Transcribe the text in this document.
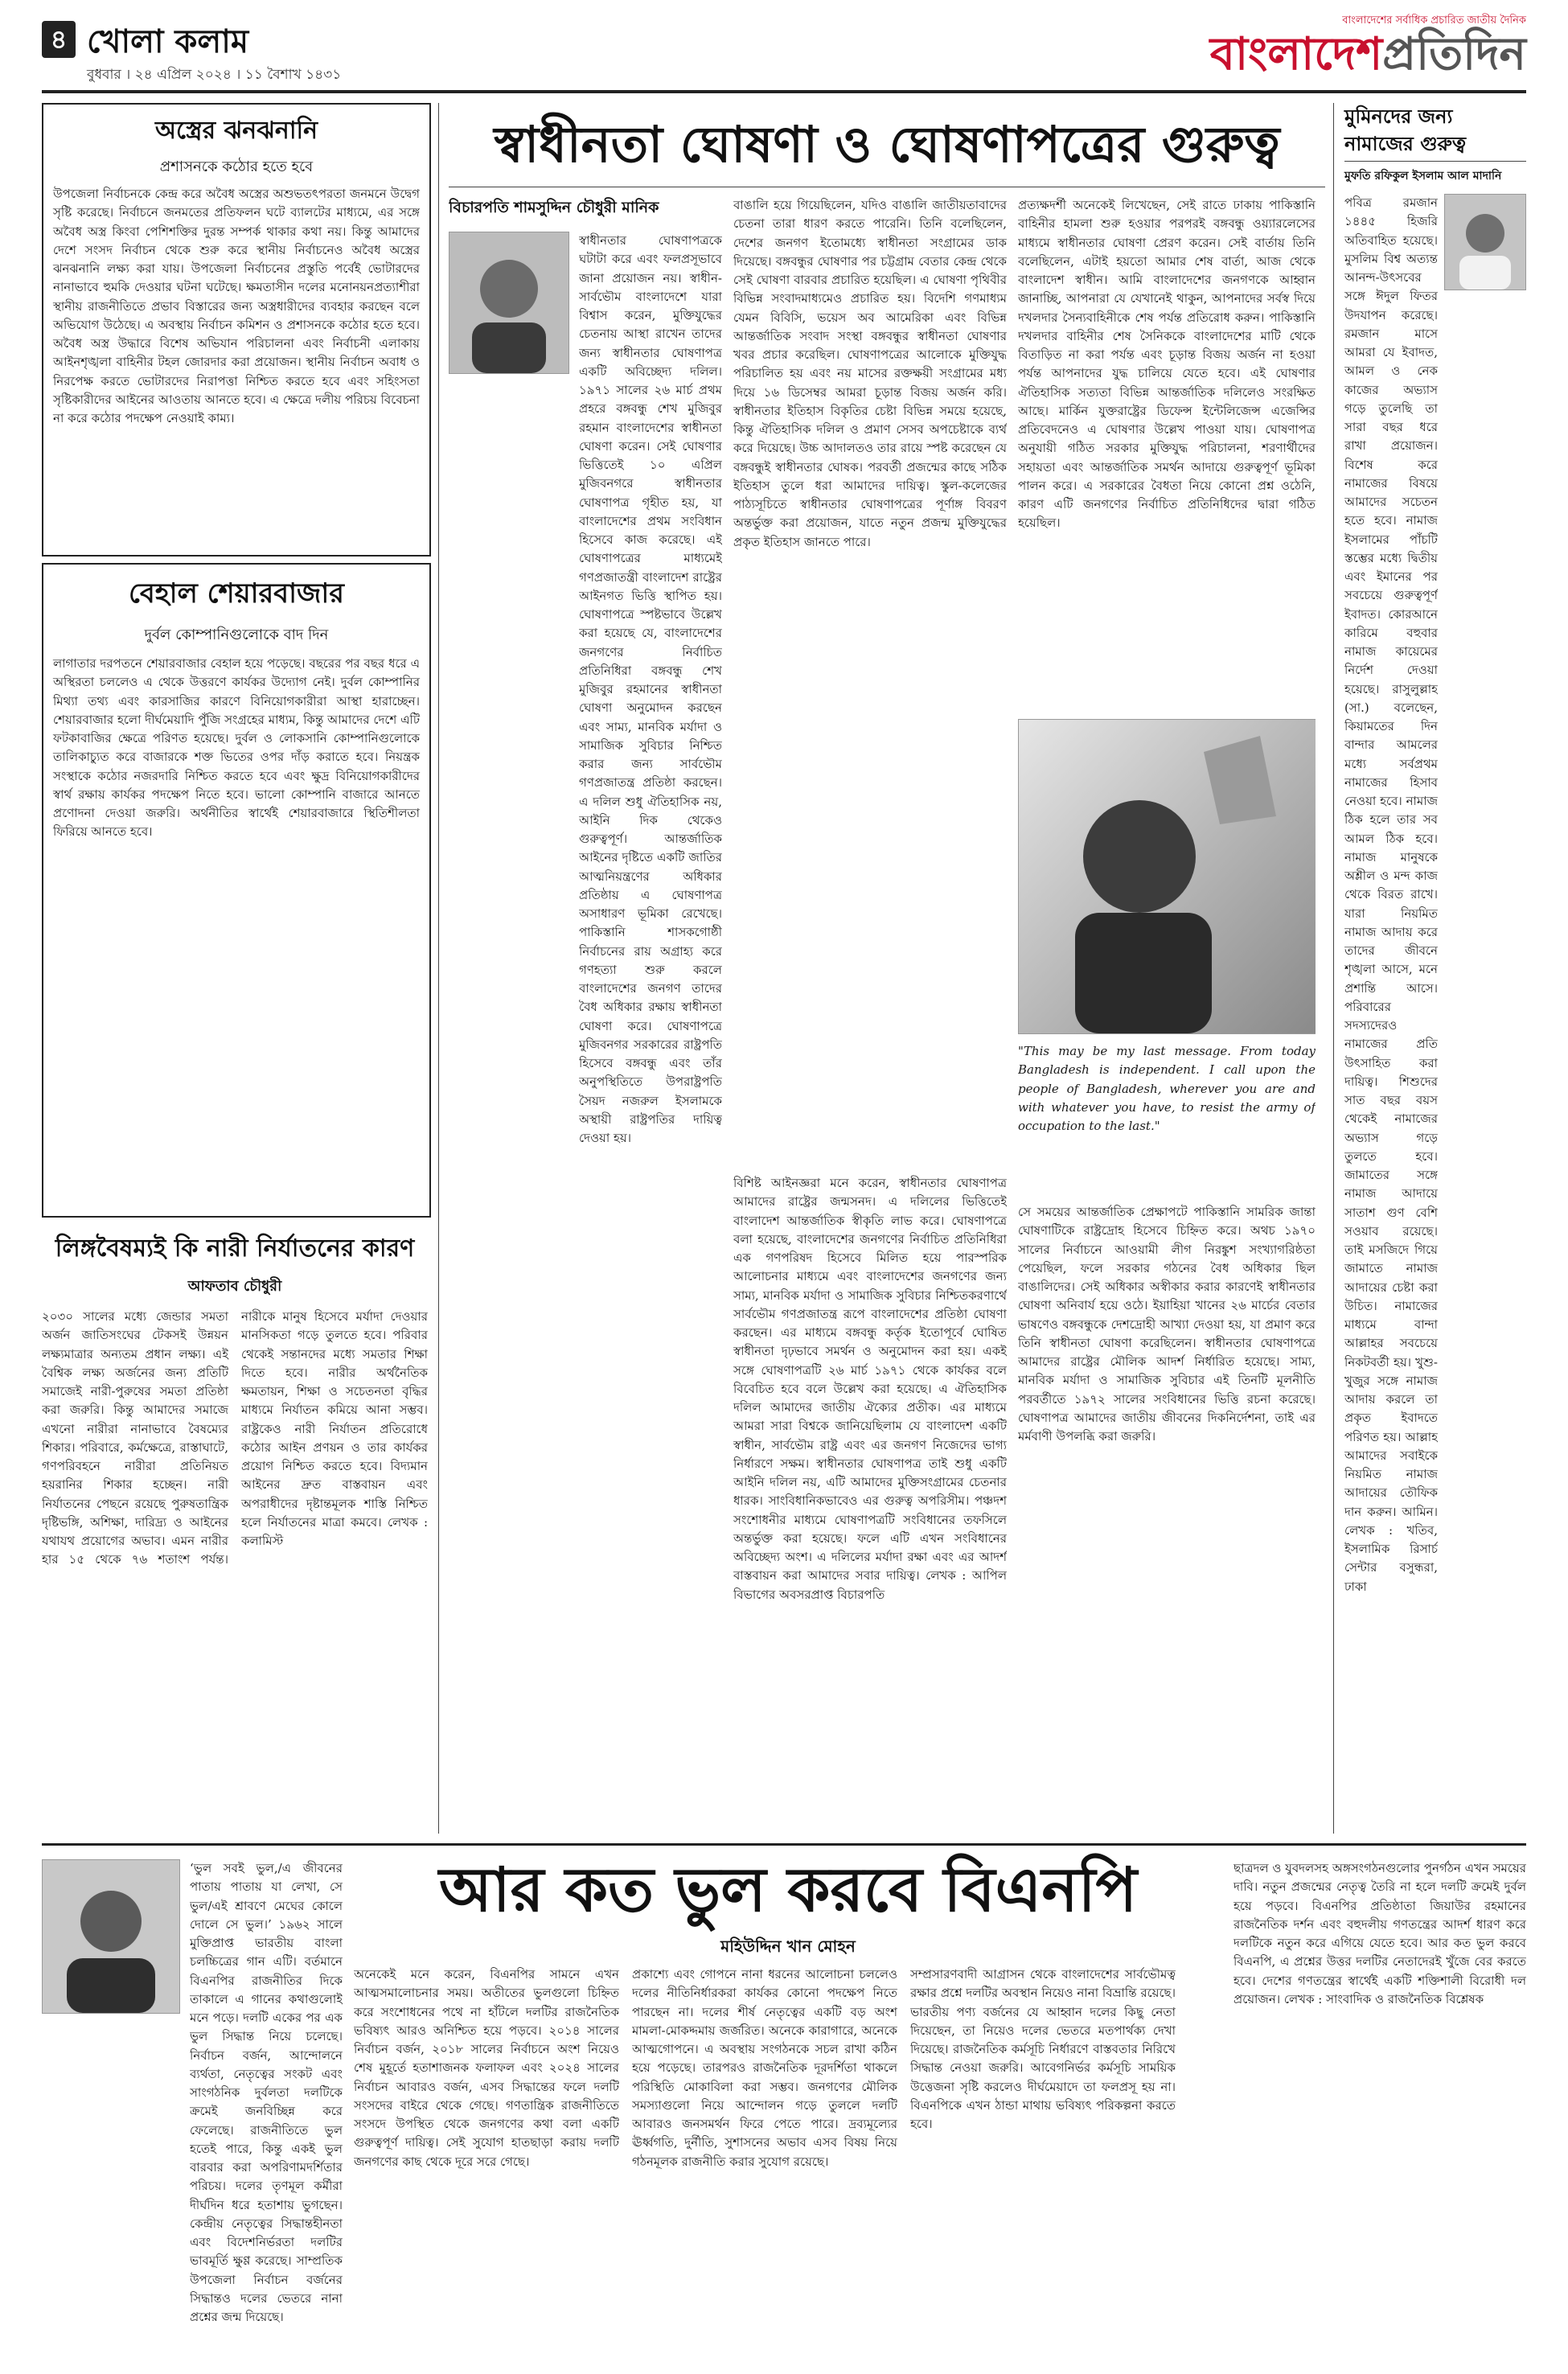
৪ খোলা কলাম
বুধবার । ২৪ এপ্রিল ২০২৪ । ১১ বৈশাখ ১৪৩১
বাংলাদেশের সর্বাধিক প্রচারিত জাতীয় দৈনিক
বাংলাদেশপ্রতিদিন
অস্ত্রের ঝনঝনানি
প্রশাসনকে কঠোর হতে হবে
উপজেলা নির্বাচনকে কেন্দ্র করে অবৈধ অস্ত্রের অশুভতৎপরতা জনমনে উদ্বেগ সৃষ্টি করেছে। নির্বাচনে জনমতের প্রতিফলন ঘটে ব্যালটের মাধ্যমে, এর সঙ্গে অবৈধ অস্ত্র কিংবা পেশিশক্তির দুরন্ত সম্পর্ক থাকার কথা নয়। কিন্তু আমাদের দেশে সংসদ নির্বাচন থেকে শুরু করে স্থানীয় নির্বাচনেও অবৈধ অস্ত্রের ঝনঝনানি লক্ষ্য করা যায়। উপজেলা নির্বাচনের প্রস্তুতি পর্বেই ভোটারদের নানাভাবে হুমকি দেওয়ার ঘটনা ঘটেছে। ক্ষমতাসীন দলের মনোনয়নপ্রত্যাশীরা স্থানীয় রাজনীতিতে প্রভাব বিস্তারের জন্য অস্ত্রধারীদের ব্যবহার করছেন বলে অভিযোগ উঠেছে। এ অবস্থায় নির্বাচন কমিশন ও প্রশাসনকে কঠোর হতে হবে। অবৈধ অস্ত্র উদ্ধারে বিশেষ অভিযান পরিচালনা এবং নির্বাচনী এলাকায় আইনশৃঙ্খলা বাহিনীর টহল জোরদার করা প্রয়োজন। স্থানীয় নির্বাচন অবাধ ও নিরপেক্ষ করতে ভোটারদের নিরাপত্তা নিশ্চিত করতে হবে এবং সহিংসতা সৃষ্টিকারীদের আইনের আওতায় আনতে হবে। এ ক্ষেত্রে দলীয় পরিচয় বিবেচনা না করে কঠোর পদক্ষেপ নেওয়াই কাম্য।
বেহাল শেয়ারবাজার
দুর্বল কোম্পানিগুলোকে বাদ দিন
লাগাতার দরপতনে শেয়ারবাজার বেহাল হয়ে পড়েছে। বছরের পর বছর ধরে এ অস্থিরতা চললেও এ থেকে উত্তরণে কার্যকর উদ্যোগ নেই। দুর্বল কোম্পানির মিথ্যা তথ্য এবং কারসাজির কারণে বিনিয়োগকারীরা আস্থা হারাচ্ছেন। শেয়ারবাজার হলো দীর্ঘমেয়াদি পুঁজি সংগ্রহের মাধ্যম, কিন্তু আমাদের দেশে এটি ফটকাবাজির ক্ষেত্রে পরিণত হয়েছে। দুর্বল ও লোকসানি কোম্পানিগুলোকে তালিকাচ্যুত করে বাজারকে শক্ত ভিতের ওপর দাঁড় করাতে হবে। নিয়ন্ত্রক সংস্থাকে কঠোর নজরদারি নিশ্চিত করতে হবে এবং ক্ষুদ্র বিনিয়োগকারীদের স্বার্থ রক্ষায় কার্যকর পদক্ষেপ নিতে হবে। ভালো কোম্পানি বাজারে আনতে প্রণোদনা দেওয়া জরুরি। অর্থনীতির স্বার্থেই শেয়ারবাজারে স্থিতিশীলতা ফিরিয়ে আনতে হবে।
লিঙ্গবৈষম্যই কি নারী নির্যাতনের কারণ
আফতাব চৌধুরী
২০৩০ সালের মধ্যে জেন্ডার সমতা অর্জন জাতিসংঘের টেকসই উন্নয়ন লক্ষ্যমাত্রার অন্যতম প্রধান লক্ষ্য। এই বৈশ্বিক লক্ষ্য অর্জনের জন্য প্রতিটি সমাজেই নারী-পুরুষের সমতা প্রতিষ্ঠা করা জরুরি। কিন্তু আমাদের সমাজে এখনো নারীরা নানাভাবে বৈষম্যের শিকার। পরিবারে, কর্মক্ষেত্রে, রাস্তাঘাটে, গণপরিবহনে নারীরা প্রতিনিয়ত হয়রানির শিকার হচ্ছেন। নারী নির্যাতনের পেছনে রয়েছে পুরুষতান্ত্রিক দৃষ্টিভঙ্গি, অশিক্ষা, দারিদ্র্য ও আইনের যথাযথ প্রয়োগের অভাব। এমন নারীর হার ১৫ থেকে ৭৬ শতাংশ পর্যন্ত। নারীকে মানুষ হিসেবে মর্যাদা দেওয়ার মানসিকতা গড়ে তুলতে হবে। পরিবার থেকেই সন্তানদের মধ্যে সমতার শিক্ষা দিতে হবে। নারীর অর্থনৈতিক ক্ষমতায়ন, শিক্ষা ও সচেতনতা বৃদ্ধির মাধ্যমে নির্যাতন কমিয়ে আনা সম্ভব। রাষ্ট্রকেও নারী নির্যাতন প্রতিরোধে কঠোর আইন প্রণয়ন ও তার কার্যকর প্রয়োগ নিশ্চিত করতে হবে। বিদ্যমান আইনের দ্রুত বাস্তবায়ন এবং অপরাধীদের দৃষ্টান্তমূলক শাস্তি নিশ্চিত হলে নির্যাতনের মাত্রা কমবে। লেখক : কলামিস্ট
স্বাধীনতা ঘোষণা ও ঘোষণাপত্রের গুরুত্ব
বিচারপতি শামসুদ্দিন চৌধুরী মানিক
স্বাধীনতার ঘোষণাপত্রকে ঘটাটা করে এবং ফলপ্রসূভাবে জানা প্রয়োজন নয়। স্বাধীন-সার্বভৌম বাংলাদেশে যারা বিশ্বাস করেন, মুক্তিযুদ্ধের চেতনায় আস্থা রাখেন তাদের জন্য স্বাধীনতার ঘোষণাপত্র একটি অবিচ্ছেদ্য দলিল। ১৯৭১ সালের ২৬ মার্চ প্রথম প্রহরে বঙ্গবন্ধু শেখ মুজিবুর রহমান বাংলাদেশের স্বাধীনতা ঘোষণা করেন। সেই ঘোষণার ভিত্তিতেই ১০ এপ্রিল মুজিবনগরে স্বাধীনতার ঘোষণাপত্র গৃহীত হয়, যা বাংলাদেশের প্রথম সংবিধান হিসেবে কাজ করেছে। এই ঘোষণাপত্রের মাধ্যমেই গণপ্রজাতন্ত্রী বাংলাদেশ রাষ্ট্রের আইনগত ভিত্তি স্থাপিত হয়। ঘোষণাপত্রে স্পষ্টভাবে উল্লেখ করা হয়েছে যে, বাংলাদেশের জনগণের নির্বাচিত প্রতিনিধিরা বঙ্গবন্ধু শেখ মুজিবুর রহমানের স্বাধীনতা ঘোষণা অনুমোদন করছেন এবং সাম্য, মানবিক মর্যাদা ও সামাজিক সুবিচার নিশ্চিত করার জন্য সার্বভৌম গণপ্রজাতন্ত্র প্রতিষ্ঠা করছেন। এ দলিল শুধু ঐতিহাসিক নয়, আইনি দিক থেকেও গুরুত্বপূর্ণ। আন্তর্জাতিক আইনের দৃষ্টিতে একটি জাতির আত্মনিয়ন্ত্রণের অধিকার প্রতিষ্ঠায় এ ঘোষণাপত্র অসাধারণ ভূমিকা রেখেছে। পাকিস্তানি শাসকগোষ্ঠী নির্বাচনের রায় অগ্রাহ্য করে গণহত্যা শুরু করলে বাংলাদেশের জনগণ তাদের বৈধ অধিকার রক্ষায় স্বাধীনতা ঘোষণা করে। ঘোষণাপত্রে মুজিবনগর সরকারের রাষ্ট্রপতি হিসেবে বঙ্গবন্ধু এবং তাঁর অনুপস্থিতিতে উপরাষ্ট্রপতি সৈয়দ নজরুল ইসলামকে অস্থায়ী রাষ্ট্রপতির দায়িত্ব দেওয়া হয়।
বাঙালি হয়ে গিয়েছিলেন, যদিও বাঙালি জাতীয়তাবাদের চেতনা তারা ধারণ করতে পারেনি। তিনি বলেছিলেন, দেশের জনগণ ইতোমধ্যে স্বাধীনতা সংগ্রামের ডাক দিয়েছে। বঙ্গবন্ধুর ঘোষণার পর চট্টগ্রাম বেতার কেন্দ্র থেকে সেই ঘোষণা বারবার প্রচারিত হয়েছিল। এ ঘোষণা পৃথিবীর বিভিন্ন সংবাদমাধ্যমেও প্রচারিত হয়। বিদেশি গণমাধ্যম যেমন বিবিসি, ভয়েস অব আমেরিকা এবং বিভিন্ন আন্তর্জাতিক সংবাদ সংস্থা বঙ্গবন্ধুর স্বাধীনতা ঘোষণার খবর প্রচার করেছিল। ঘোষণাপত্রের আলোকে মুক্তিযুদ্ধ পরিচালিত হয় এবং নয় মাসের রক্তক্ষয়ী সংগ্রামের মধ্য দিয়ে ১৬ ডিসেম্বর আমরা চূড়ান্ত বিজয় অর্জন করি। স্বাধীনতার ইতিহাস বিকৃতির চেষ্টা বিভিন্ন সময়ে হয়েছে, কিন্তু ঐতিহাসিক দলিল ও প্রমাণ সেসব অপচেষ্টাকে ব্যর্থ করে দিয়েছে। উচ্চ আদালতও তার রায়ে স্পষ্ট করেছেন যে বঙ্গবন্ধুই স্বাধীনতার ঘোষক। পরবর্তী প্রজন্মের কাছে সঠিক ইতিহাস তুলে ধরা আমাদের দায়িত্ব। স্কুল-কলেজের পাঠ্যসূচিতে স্বাধীনতার ঘোষণাপত্রের পূর্ণাঙ্গ বিবরণ অন্তর্ভুক্ত করা প্রয়োজন, যাতে নতুন প্রজন্ম মুক্তিযুদ্ধের প্রকৃত ইতিহাস জানতে পারে।
প্রত্যক্ষদর্শী অনেকেই লিখেছেন, সেই রাতে ঢাকায় পাকিস্তানি বাহিনীর হামলা শুরু হওয়ার পরপরই বঙ্গবন্ধু ওয়্যারলেসের মাধ্যমে স্বাধীনতার ঘোষণা প্রেরণ করেন। সেই বার্তায় তিনি বলেছিলেন, এটাই হয়তো আমার শেষ বার্তা, আজ থেকে বাংলাদেশ স্বাধীন। আমি বাংলাদেশের জনগণকে আহ্বান জানাচ্ছি, আপনারা যে যেখানেই থাকুন, আপনাদের সর্বস্ব দিয়ে দখলদার সৈন্যবাহিনীকে শেষ পর্যন্ত প্রতিরোধ করুন। পাকিস্তানি দখলদার বাহিনীর শেষ সৈনিককে বাংলাদেশের মাটি থেকে বিতাড়িত না করা পর্যন্ত এবং চূড়ান্ত বিজয় অর্জন না হওয়া পর্যন্ত আপনাদের যুদ্ধ চালিয়ে যেতে হবে। এই ঘোষণার ঐতিহাসিক সত্যতা বিভিন্ন আন্তর্জাতিক দলিলেও সংরক্ষিত আছে। মার্কিন যুক্তরাষ্ট্রের ডিফেন্স ইন্টেলিজেন্স এজেন্সির প্রতিবেদনেও এ ঘোষণার উল্লেখ পাওয়া যায়। ঘোষণাপত্র অনুযায়ী গঠিত সরকার মুক্তিযুদ্ধ পরিচালনা, শরণার্থীদের সহায়তা এবং আন্তর্জাতিক সমর্থন আদায়ে গুরুত্বপূর্ণ ভূমিকা পালন করে। এ সরকারের বৈধতা নিয়ে কোনো প্রশ্ন ওঠেনি, কারণ এটি জনগণের নির্বাচিত প্রতিনিধিদের দ্বারা গঠিত হয়েছিল।
"This may be my last message. From today Bangladesh is independent. I call upon the people of Bangladesh, wherever you are and with whatever you have, to resist the army of occupation to the last."
সে সময়ের আন্তর্জাতিক প্রেক্ষাপটে পাকিস্তানি সামরিক জান্তা ঘোষণাটিকে রাষ্ট্রদ্রোহ হিসেবে চিহ্নিত করে। অথচ ১৯৭০ সালের নির্বাচনে আওয়ামী লীগ নিরঙ্কুশ সংখ্যাগরিষ্ঠতা পেয়েছিল, ফলে সরকার গঠনের বৈধ অধিকার ছিল বাঙালিদের। সেই অধিকার অস্বীকার করার কারণেই স্বাধীনতার ঘোষণা অনিবার্য হয়ে ওঠে। ইয়াহিয়া খানের ২৬ মার্চের বেতার ভাষণেও বঙ্গবন্ধুকে দেশদ্রোহী আখ্যা দেওয়া হয়, যা প্রমাণ করে তিনি স্বাধীনতা ঘোষণা করেছিলেন। স্বাধীনতার ঘোষণাপত্রে আমাদের রাষ্ট্রের মৌলিক আদর্শ নির্ধারিত হয়েছে। সাম্য, মানবিক মর্যাদা ও সামাজিক সুবিচার এই তিনটি মূলনীতি পরবর্তীতে ১৯৭২ সালের সংবিধানের ভিত্তি রচনা করেছে। ঘোষণাপত্র আমাদের জাতীয় জীবনের দিকনির্দেশনা, তাই এর মর্মবাণী উপলব্ধি করা জরুরি।
বিশিষ্ট আইনজ্ঞরা মনে করেন, স্বাধীনতার ঘোষণাপত্র আমাদের রাষ্ট্রের জন্মসনদ। এ দলিলের ভিত্তিতেই বাংলাদেশ আন্তর্জাতিক স্বীকৃতি লাভ করে। ঘোষণাপত্রে বলা হয়েছে, বাংলাদেশের জনগণের নির্বাচিত প্রতিনিধিরা এক গণপরিষদ হিসেবে মিলিত হয়ে পারস্পরিক আলোচনার মাধ্যমে এবং বাংলাদেশের জনগণের জন্য সাম্য, মানবিক মর্যাদা ও সামাজিক সুবিচার নিশ্চিতকরণার্থে সার্বভৌম গণপ্রজাতন্ত্র রূপে বাংলাদেশের প্রতিষ্ঠা ঘোষণা করছেন। এর মাধ্যমে বঙ্গবন্ধু কর্তৃক ইতোপূর্বে ঘোষিত স্বাধীনতা দৃঢ়ভাবে সমর্থন ও অনুমোদন করা হয়। একই সঙ্গে ঘোষণাপত্রটি ২৬ মার্চ ১৯৭১ থেকে কার্যকর বলে বিবেচিত হবে বলে উল্লেখ করা হয়েছে। এ ঐতিহাসিক দলিল আমাদের জাতীয় ঐক্যের প্রতীক। এর মাধ্যমে আমরা সারা বিশ্বকে জানিয়েছিলাম যে বাংলাদেশ একটি স্বাধীন, সার্বভৌম রাষ্ট্র এবং এর জনগণ নিজেদের ভাগ্য নির্ধারণে সক্ষম। স্বাধীনতার ঘোষণাপত্র তাই শুধু একটি আইনি দলিল নয়, এটি আমাদের মুক্তিসংগ্রামের চেতনার ধারক। সাংবিধানিকভাবেও এর গুরুত্ব অপরিসীম। পঞ্চদশ সংশোধনীর মাধ্যমে ঘোষণাপত্রটি সংবিধানের তফসিলে অন্তর্ভুক্ত করা হয়েছে। ফলে এটি এখন সংবিধানের অবিচ্ছেদ্য অংশ। এ দলিলের মর্যাদা রক্ষা এবং এর আদর্শ বাস্তবায়ন করা আমাদের সবার দায়িত্ব। লেখক : আপিল বিভাগের অবসরপ্রাপ্ত বিচারপতি
মুমিনদের জন্য নামাজের গুরুত্ব
মুফতি রফিকুল ইসলাম আল মাদানি
পবিত্র রমজান ১৪৪৫ হিজরি অতিবাহিত হয়েছে। মুসলিম বিশ্ব অত্যন্ত আনন্দ-উৎসবের সঙ্গে ঈদুল ফিতর উদযাপন করেছে। রমজান মাসে আমরা যে ইবাদত, আমল ও নেক কাজের অভ্যাস গড়ে তুলেছি তা সারা বছর ধরে রাখা প্রয়োজন। বিশেষ করে নামাজের বিষয়ে আমাদের সচেতন হতে হবে। নামাজ ইসলামের পাঁচটি স্তম্ভের মধ্যে দ্বিতীয় এবং ইমানের পর সবচেয়ে গুরুত্বপূর্ণ ইবাদত। কোরআনে কারিমে বহুবার নামাজ কায়েমের নির্দেশ দেওয়া হয়েছে। রাসুলুল্লাহ (সা.) বলেছেন, কিয়ামতের দিন বান্দার আমলের মধ্যে সর্বপ্রথম নামাজের হিসাব নেওয়া হবে। নামাজ ঠিক হলে তার সব আমল ঠিক হবে। নামাজ মানুষকে অশ্লীল ও মন্দ কাজ থেকে বিরত রাখে। যারা নিয়মিত নামাজ আদায় করে তাদের জীবনে শৃঙ্খলা আসে, মনে প্রশান্তি আসে। পরিবারের সদস্যদেরও নামাজের প্রতি উৎসাহিত করা দায়িত্ব। শিশুদের সাত বছর বয়স থেকেই নামাজের অভ্যাস গড়ে তুলতে হবে। জামাতের সঙ্গে নামাজ আদায়ে সাতাশ গুণ বেশি সওয়াব রয়েছে। তাই মসজিদে গিয়ে জামাতে নামাজ আদায়ের চেষ্টা করা উচিত। নামাজের মাধ্যমে বান্দা আল্লাহর সবচেয়ে নিকটবর্তী হয়। খুশু-খুজুর সঙ্গে নামাজ আদায় করলে তা প্রকৃত ইবাদতে পরিণত হয়। আল্লাহ আমাদের সবাইকে নিয়মিত নামাজ আদায়ের তৌফিক দান করুন। আমিন। লেখক : খতিব, ইসলামিক রিসার্চ সেন্টার বসুন্ধরা, ঢাকা
আর কত ভুল করবে বিএনপি
মহিউদ্দিন খান মোহন
‘ভুল সবই ভুল,/এ জীবনের পাতায় পাতায় যা লেখা, সে ভুল/এই শ্রাবণে মেঘের কোলে দোলে সে ভুল।’ ১৯৬২ সালে মুক্তিপ্রাপ্ত ভারতীয় বাংলা চলচ্চিত্রের গান এটি। বর্তমানে বিএনপির রাজনীতির দিকে তাকালে এ গানের কথাগুলোই মনে পড়ে। দলটি একের পর এক ভুল সিদ্ধান্ত নিয়ে চলেছে। নির্বাচন বর্জন, আন্দোলনে ব্যর্থতা, নেতৃত্বের সংকট এবং সাংগঠনিক দুর্বলতা দলটিকে ক্রমেই জনবিচ্ছিন্ন করে ফেলেছে। রাজনীতিতে ভুল হতেই পারে, কিন্তু একই ভুল বারবার করা অপরিণামদর্শিতার পরিচয়। দলের তৃণমূল কর্মীরা দীর্ঘদিন ধরে হতাশায় ভুগছেন। কেন্দ্রীয় নেতৃত্বের সিদ্ধান্তহীনতা এবং বিদেশনির্ভরতা দলটির ভাবমূর্তি ক্ষুণ্ণ করেছে। সাম্প্রতিক উপজেলা নির্বাচন বর্জনের সিদ্ধান্তও দলের ভেতরে নানা প্রশ্নের জন্ম দিয়েছে।
অনেকেই মনে করেন, বিএনপির সামনে এখন আত্মসমালোচনার সময়। অতীতের ভুলগুলো চিহ্নিত করে সংশোধনের পথে না হাঁটলে দলটির রাজনৈতিক ভবিষ্যৎ আরও অনিশ্চিত হয়ে পড়বে। ২০১৪ সালের নির্বাচন বর্জন, ২০১৮ সালের নির্বাচনে অংশ নিয়েও শেষ মুহূর্তে হতাশাজনক ফলাফল এবং ২০২৪ সালের নির্বাচন আবারও বর্জন, এসব সিদ্ধান্তের ফলে দলটি সংসদের বাইরে থেকে গেছে। গণতান্ত্রিক রাজনীতিতে সংসদে উপস্থিত থেকে জনগণের কথা বলা একটি গুরুত্বপূর্ণ দায়িত্ব। সেই সুযোগ হাতছাড়া করায় দলটি জনগণের কাছ থেকে দূরে সরে গেছে।
প্রকাশ্যে এবং গোপনে নানা ধরনের আলোচনা চললেও দলের নীতিনির্ধারকরা কার্যকর কোনো পদক্ষেপ নিতে পারছেন না। দলের শীর্ষ নেতৃত্বের একটি বড় অংশ মামলা-মোকদ্দমায় জর্জরিত। অনেকে কারাগারে, অনেকে আত্মগোপনে। এ অবস্থায় সংগঠনকে সচল রাখা কঠিন হয়ে পড়েছে। তারপরও রাজনৈতিক দূরদর্শিতা থাকলে পরিস্থিতি মোকাবিলা করা সম্ভব। জনগণের মৌলিক সমস্যাগুলো নিয়ে আন্দোলন গড়ে তুললে দলটি আবারও জনসমর্থন ফিরে পেতে পারে। দ্রব্যমূল্যের ঊর্ধ্বগতি, দুর্নীতি, সুশাসনের অভাব এসব বিষয় নিয়ে গঠনমূলক রাজনীতি করার সুযোগ রয়েছে।
সম্প্রসারণবাদী আগ্রাসন থেকে বাংলাদেশের সার্বভৌমত্ব রক্ষার প্রশ্নে দলটির অবস্থান নিয়েও নানা বিভ্রান্তি রয়েছে। ভারতীয় পণ্য বর্জনের যে আহ্বান দলের কিছু নেতা দিয়েছেন, তা নিয়েও দলের ভেতরে মতপার্থক্য দেখা দিয়েছে। রাজনৈতিক কর্মসূচি নির্ধারণে বাস্তবতার নিরিখে সিদ্ধান্ত নেওয়া জরুরি। আবেগনির্ভর কর্মসূচি সাময়িক উত্তেজনা সৃষ্টি করলেও দীর্ঘমেয়াদে তা ফলপ্রসূ হয় না। বিএনপিকে এখন ঠান্ডা মাথায় ভবিষ্যৎ পরিকল্পনা করতে হবে।
ছাত্রদল ও যুবদলসহ অঙ্গসংগঠনগুলোর পুনর্গঠন এখন সময়ের দাবি। নতুন প্রজন্মের নেতৃত্ব তৈরি না হলে দলটি ক্রমেই দুর্বল হয়ে পড়বে। বিএনপির প্রতিষ্ঠাতা জিয়াউর রহমানের রাজনৈতিক দর্শন এবং বহুদলীয় গণতন্ত্রের আদর্শ ধারণ করে দলটিকে নতুন করে এগিয়ে যেতে হবে। আর কত ভুল করবে বিএনপি, এ প্রশ্নের উত্তর দলটির নেতাদেরই খুঁজে বের করতে হবে। দেশের গণতন্ত্রের স্বার্থেই একটি শক্তিশালী বিরোধী দল প্রয়োজন। লেখক : সাংবাদিক ও রাজনৈতিক বিশ্লেষক
